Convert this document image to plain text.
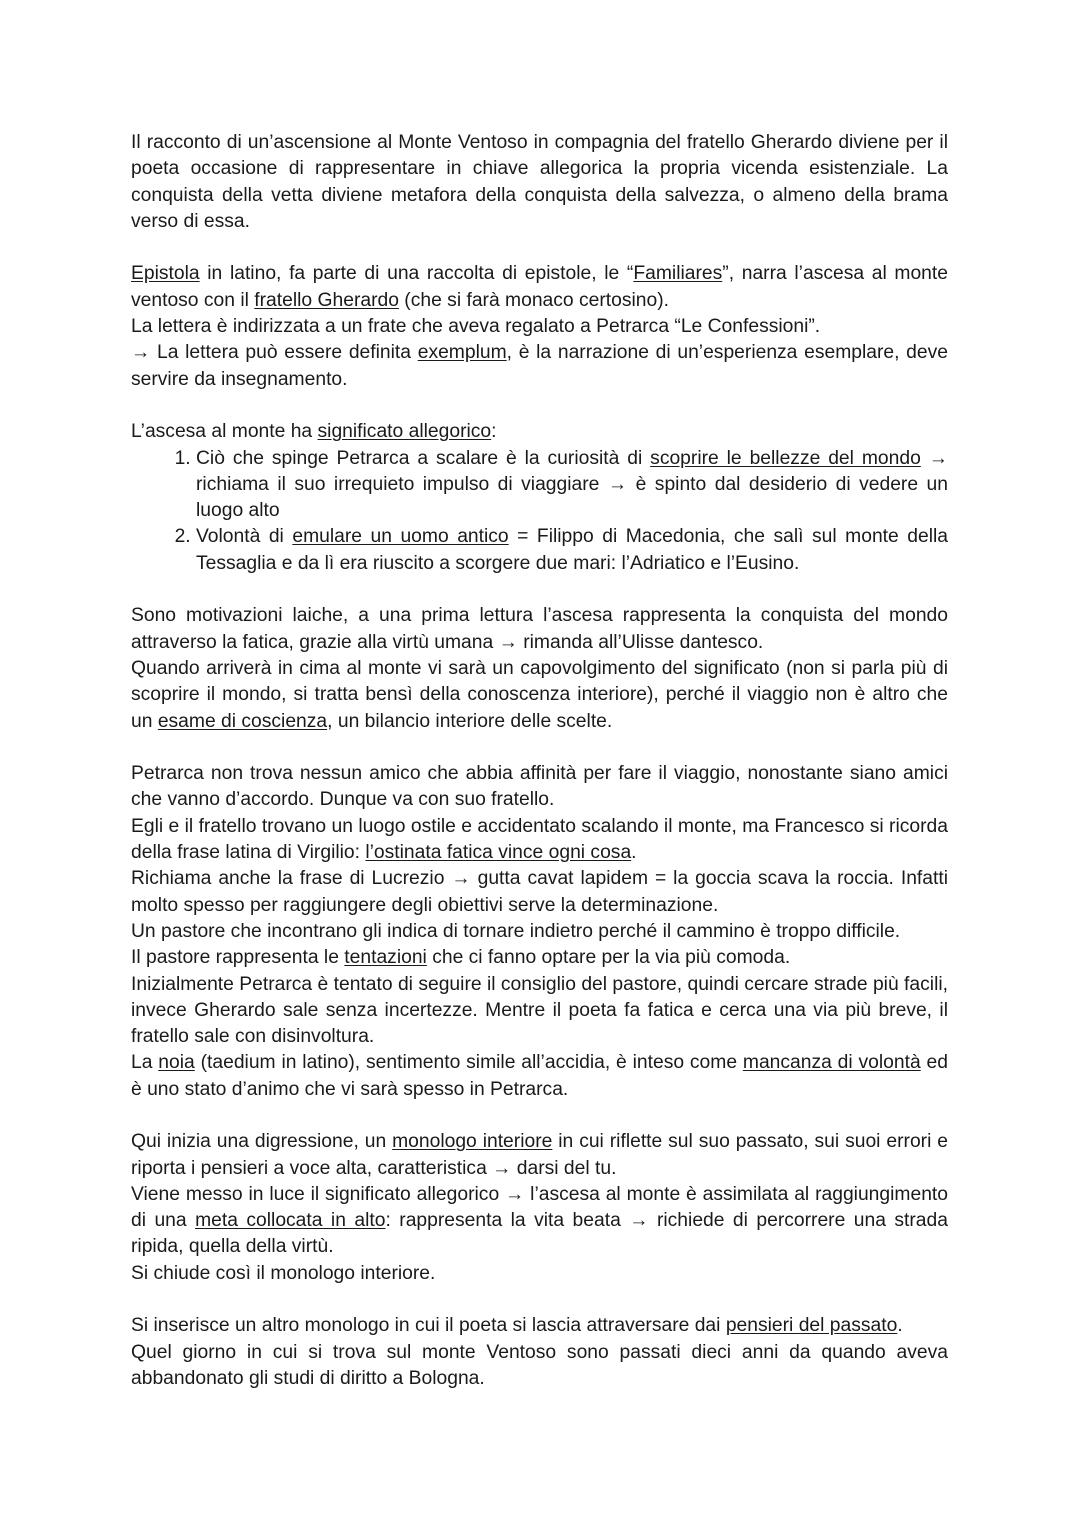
Il racconto di un’ascensione al Monte Ventoso in compagnia del fratello Gherardo diviene per il poeta occasione di rappresentare in chiave allegorica la propria vicenda esistenziale. La conquista della vetta diviene metafora della conquista della salvezza, o almeno della brama verso di essa.

Epistola in latino, fa parte di una raccolta di epistole, le “Familiares”, narra l’ascesa al monte ventoso con il fratello Gherardo (che si farà monaco certosino).

La lettera è indirizzata a un frate che aveva regalato a Petrarca “Le Confessioni”.

→ La lettera può essere definita exemplum, è la narrazione di un’esperienza esemplare, deve servire da insegnamento.

L’ascesa al monte ha significato allegorico:

1. Ciò che spinge Petrarca a scalare è la curiosità di scoprire le bellezze del mondo → richiama il suo irrequieto impulso di viaggiare → è spinto dal desiderio di vedere un luogo alto
2. Volontà di emulare un uomo antico = Filippo di Macedonia, che salì sul monte della Tessaglia e da lì era riuscito a scorgere due mari: l’Adriatico e l’Eusino.

Sono motivazioni laiche, a una prima lettura l’ascesa rappresenta la conquista del mondo attraverso la fatica, grazie alla virtù umana → rimanda all’Ulisse dantesco.

Quando arriverà in cima al monte vi sarà un capovolgimento del significato (non si parla più di scoprire il mondo, si tratta bensì della conoscenza interiore), perché il viaggio non è altro che un esame di coscienza, un bilancio interiore delle scelte.

Petrarca non trova nessun amico che abbia affinità per fare il viaggio, nonostante siano amici che vanno d’accordo. Dunque va con suo fratello.

Egli e il fratello trovano un luogo ostile e accidentato scalando il monte, ma Francesco si ricorda della frase latina di Virgilio: l’ostinata fatica vince ogni cosa.

Richiama anche la frase di Lucrezio → gutta cavat lapidem = la goccia scava la roccia. Infatti molto spesso per raggiungere degli obiettivi serve la determinazione.

Un pastore che incontrano gli indica di tornare indietro perché il cammino è troppo difficile.

Il pastore rappresenta le tentazioni che ci fanno optare per la via più comoda.

Inizialmente Petrarca è tentato di seguire il consiglio del pastore, quindi cercare strade più facili, invece Gherardo sale senza incertezze. Mentre il poeta fa fatica e cerca una via più breve, il fratello sale con disinvoltura.

La noia (taedium in latino), sentimento simile all’accidia, è inteso come mancanza di volontà ed è uno stato d’animo che vi sarà spesso in Petrarca.

Qui inizia una digressione, un monologo interiore in cui riflette sul suo passato, sui suoi errori e riporta i pensieri a voce alta, caratteristica → darsi del tu.

Viene messo in luce il significato allegorico → l’ascesa al monte è assimilata al raggiungimento di una meta collocata in alto: rappresenta la vita beata → richiede di percorrere una strada ripida, quella della virtù.

Si chiude così il monologo interiore.

Si inserisce un altro monologo in cui il poeta si lascia attraversare dai pensieri del passato.

Quel giorno in cui si trova sul monte Ventoso sono passati dieci anni da quando aveva abbandonato gli studi di diritto a Bologna.
